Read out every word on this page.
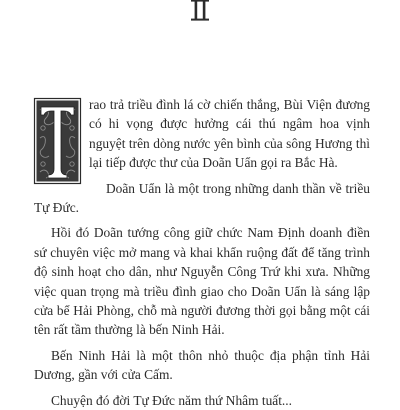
rao trả triều đình lá cờ chiến thắng, Bùi Viện đương có hi vọng được hưởng cái thú ngâm hoa vịnh nguyệt trên dòng nước yên bình của sông Hương thì lại tiếp được thư của Doãn Uẩn gọi ra Bắc Hà.

Doãn Uẩn là một trong những danh thần về triều Tự Đức.

Hồi đó Doãn tướng công giữ chức Nam Định doanh điền sứ chuyên việc mở mang và khai khẩn ruộng đất để tăng trình độ sinh hoạt cho dân, như Nguyễn Công Trứ khi xưa. Những việc quan trọng mà triều đình giao cho Doãn Uẩn là sáng lập cửa bể Hải Phòng, chỗ mà người đương thời gọi bằng một cái tên rất tầm thường là bến Ninh Hải.

Bến Ninh Hải là một thôn nhỏ thuộc địa phận tỉnh Hải Dương, gần với cửa Cấm.

Chuyện đó đời Tự Đức năm thứ Nhâm tuất...
